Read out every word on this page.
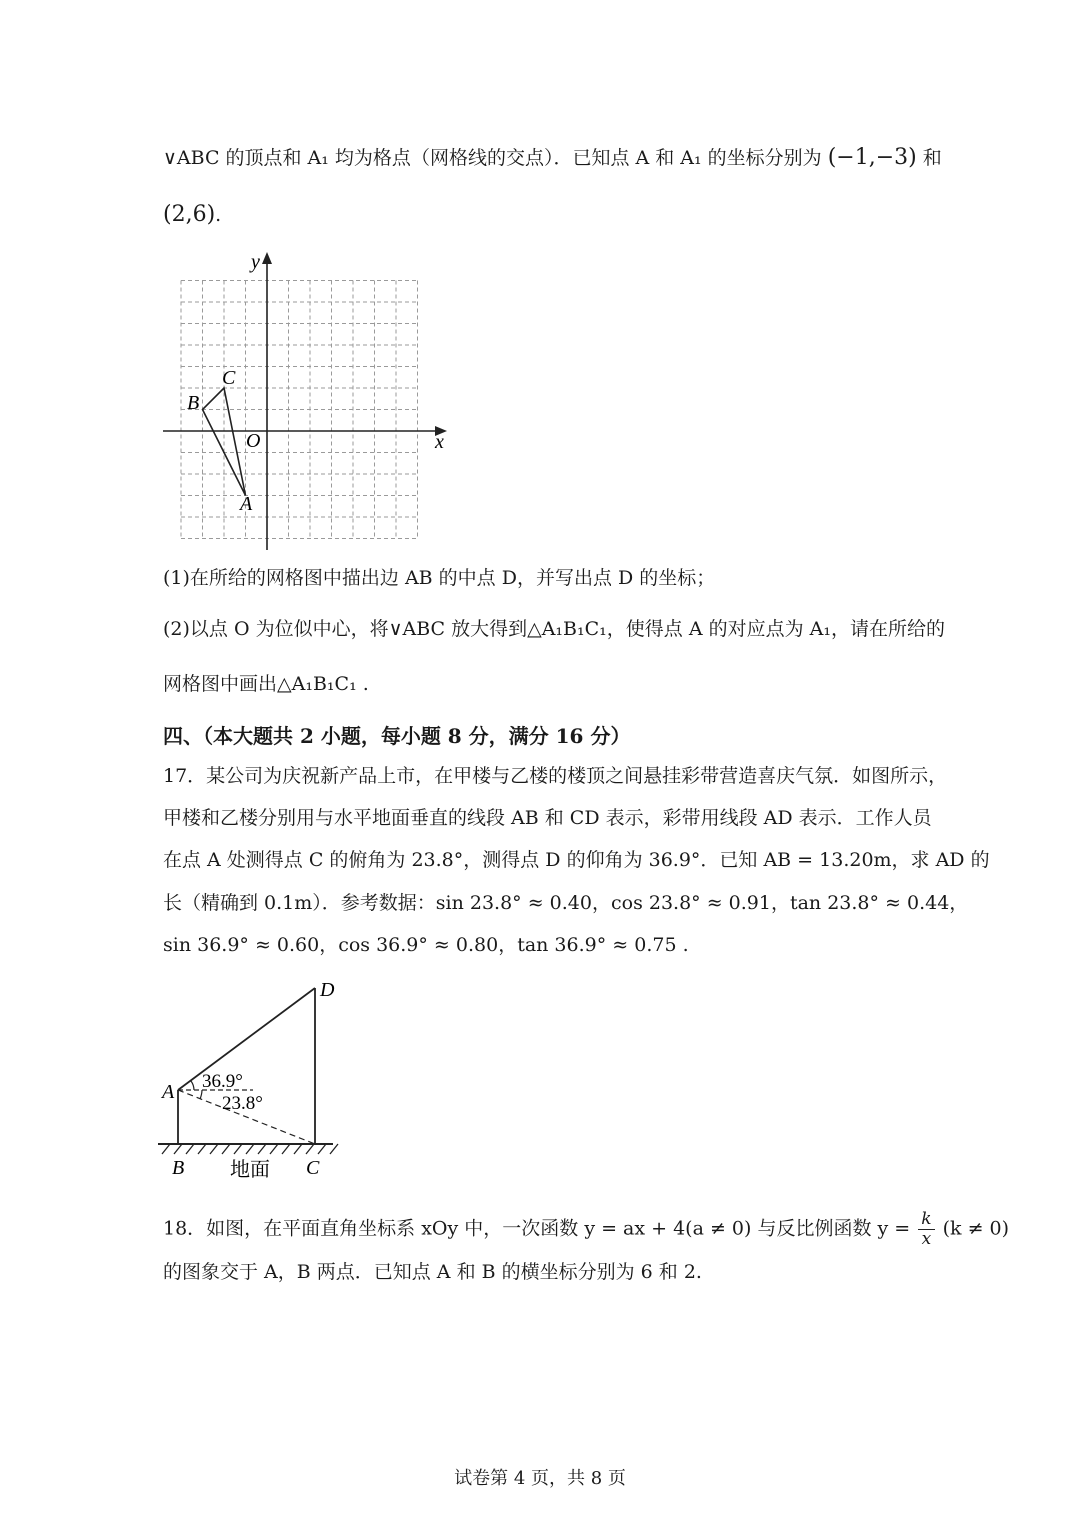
∨ABC 的顶点和 A₁ 均为格点（网格线的交点）．已知点 A 和 A₁ 的坐标分别为 (−1,−3) 和
(2,6).
x
y
O
A
B
C
(1)在所给的网格图中描出边 AB 的中点 D，并写出点 D 的坐标；
(2)以点 O 为位似中心，将∨ABC 放大得到△A₁B₁C₁，使得点 A 的对应点为 A₁，请在所给的
网格图中画出△A₁B₁C₁ .
四、（本大题共 2 小题，每小题 8 分，满分 16 分）
17．某公司为庆祝新产品上市，在甲楼与乙楼的楼顶之间悬挂彩带营造喜庆气氛．如图所示，
甲楼和乙楼分别用与水平地面垂直的线段 AB 和 CD 表示，彩带用线段 AD 表示．工作人员
在点 A 处测得点 C 的俯角为 23.8°，测得点 D 的仰角为 36.9°．已知 AB = 13.20m，求 AD 的
长（精确到 0.1m）．参考数据：sin 23.8° ≈ 0.40，cos 23.8° ≈ 0.91，tan 23.8° ≈ 0.44，
sin 36.9° ≈ 0.60，cos 36.9° ≈ 0.80，tan 36.9° ≈ 0.75 .
36.9°
23.8°
A
B	C
D
地面
18．如图，在平面直角坐标系 xOy 中，一次函数 y = ax + 4(a ≠ 0) 与反比例函数 $y = \frac{k}{x} (k \ne 0)$
的图象交于 A，B 两点．已知点 A 和 B 的横坐标分别为 6 和 2.
试卷第 4 页，共 8 页
